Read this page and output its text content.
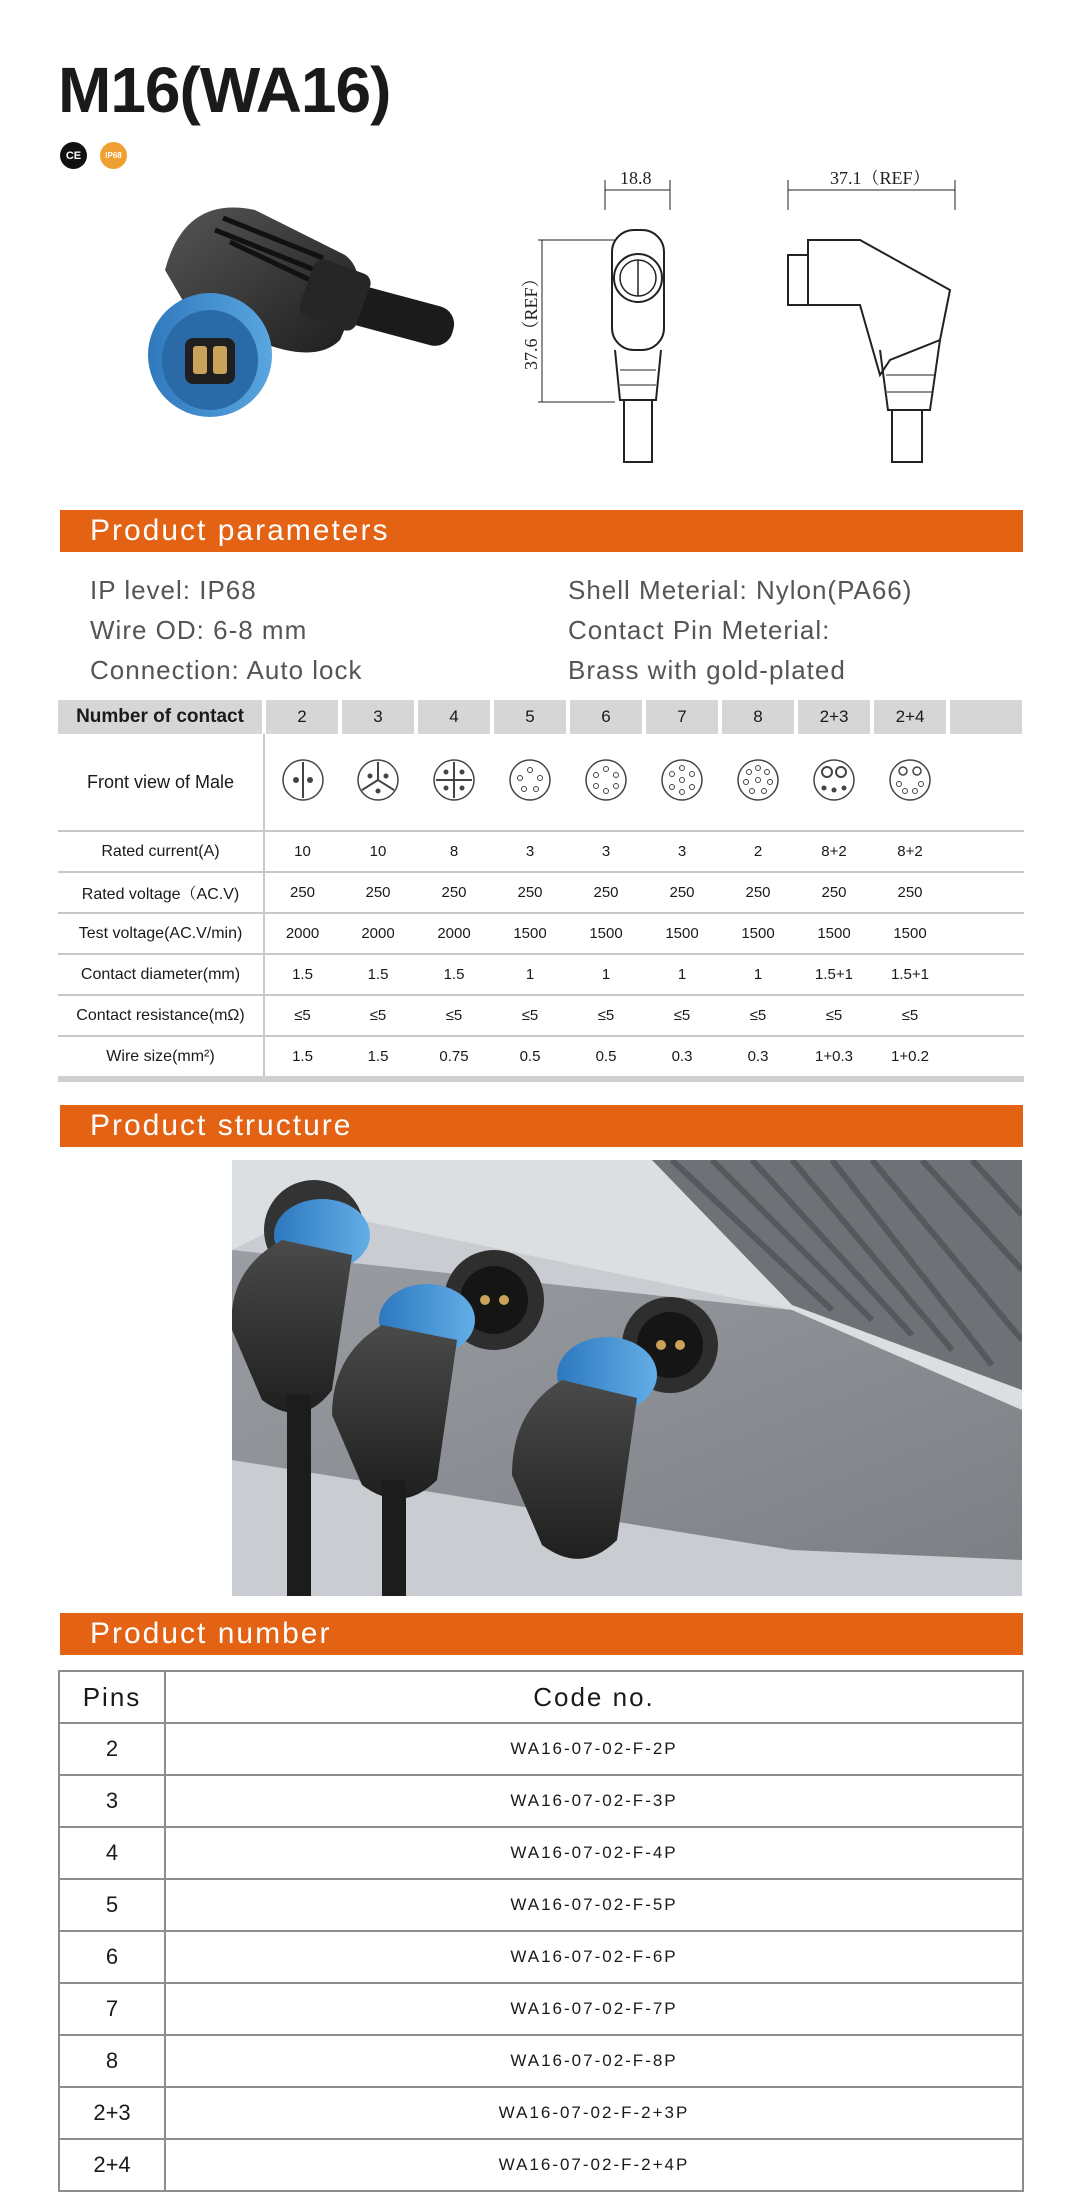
M16(WA16)
CE	IP68
18.8
37.6（REF）
37.1（REF）
Product parameters
IP level: IP68
Wire OD: 6-8 mm
Connection: Auto lock
Shell Meterial: Nylon(PA66)
Contact Pin Meterial:
Brass with gold-plated
Number of contact	2	3	4	5	6	7	8	2+3	2+4	
Front view of Male										
Rated current(A)	10	10	8	3	3	3	2	8+2	8+2	
Rated voltage（AC.V)	250	250	250	250	250	250	250	250	250	
Test voltage(AC.V/min)	2000	2000	2000	1500	1500	1500	1500	1500	1500	
Contact diameter(mm)	1.5	1.5	1.5	1	1	1	1	1.5+1	1.5+1	
Contact resistance(mΩ)	≤5	≤5	≤5	≤5	≤5	≤5	≤5	≤5	≤5	
Wire size(mm²)	1.5	1.5	0.75	0.5	0.5	0.3	0.3	1+0.3	1+0.2	
Product structure
Product number
Pins	Code no.
2	WA16-07-02-F-2P
3	WA16-07-02-F-3P
4	WA16-07-02-F-4P
5	WA16-07-02-F-5P
6	WA16-07-02-F-6P
7	WA16-07-02-F-7P
8	WA16-07-02-F-8P
2+3	WA16-07-02-F-2+3P
2+4	WA16-07-02-F-2+4P
